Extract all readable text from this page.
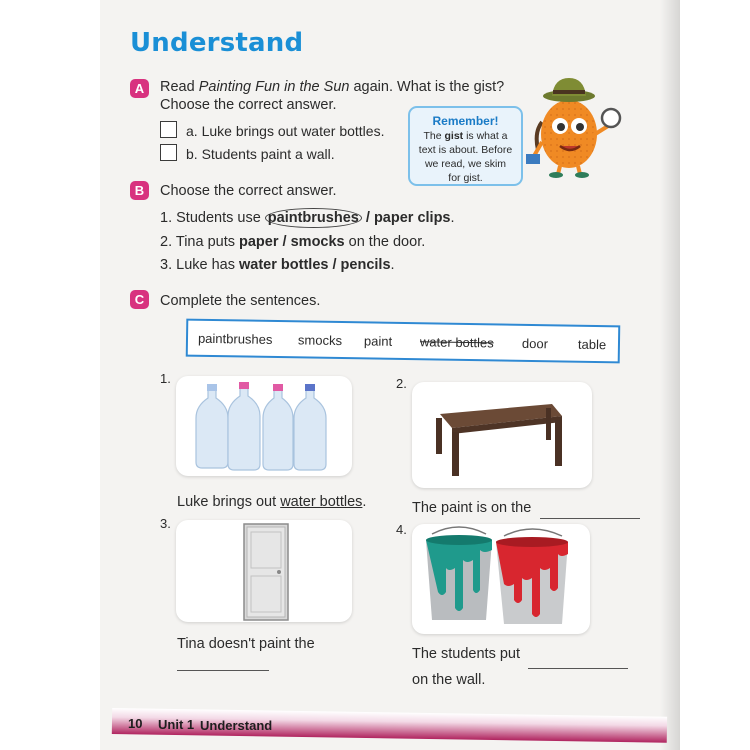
Understand
A	Read Painting Fun in the Sun again. What is the gist?
Choose the correct answer.
a. Luke brings out water bottles.
b. Students paint a wall.
Remember!
The gist is what a
text is about. Before
we read, we skim
for gist.
B	Choose the correct answer.
1. Students use paintbrushes / paper clips.
2. Tina puts paper / smocks on the door.
3. Luke has water bottles / pencils.
C	Complete the sentences.
paintbrushes smocks paint water bottles door table
1.
Luke brings out water bottles.
2.
The paint is on the
3.
Tina doesn't paint the
4.
The students put
on the wall.
10 Unit 1 Understand
